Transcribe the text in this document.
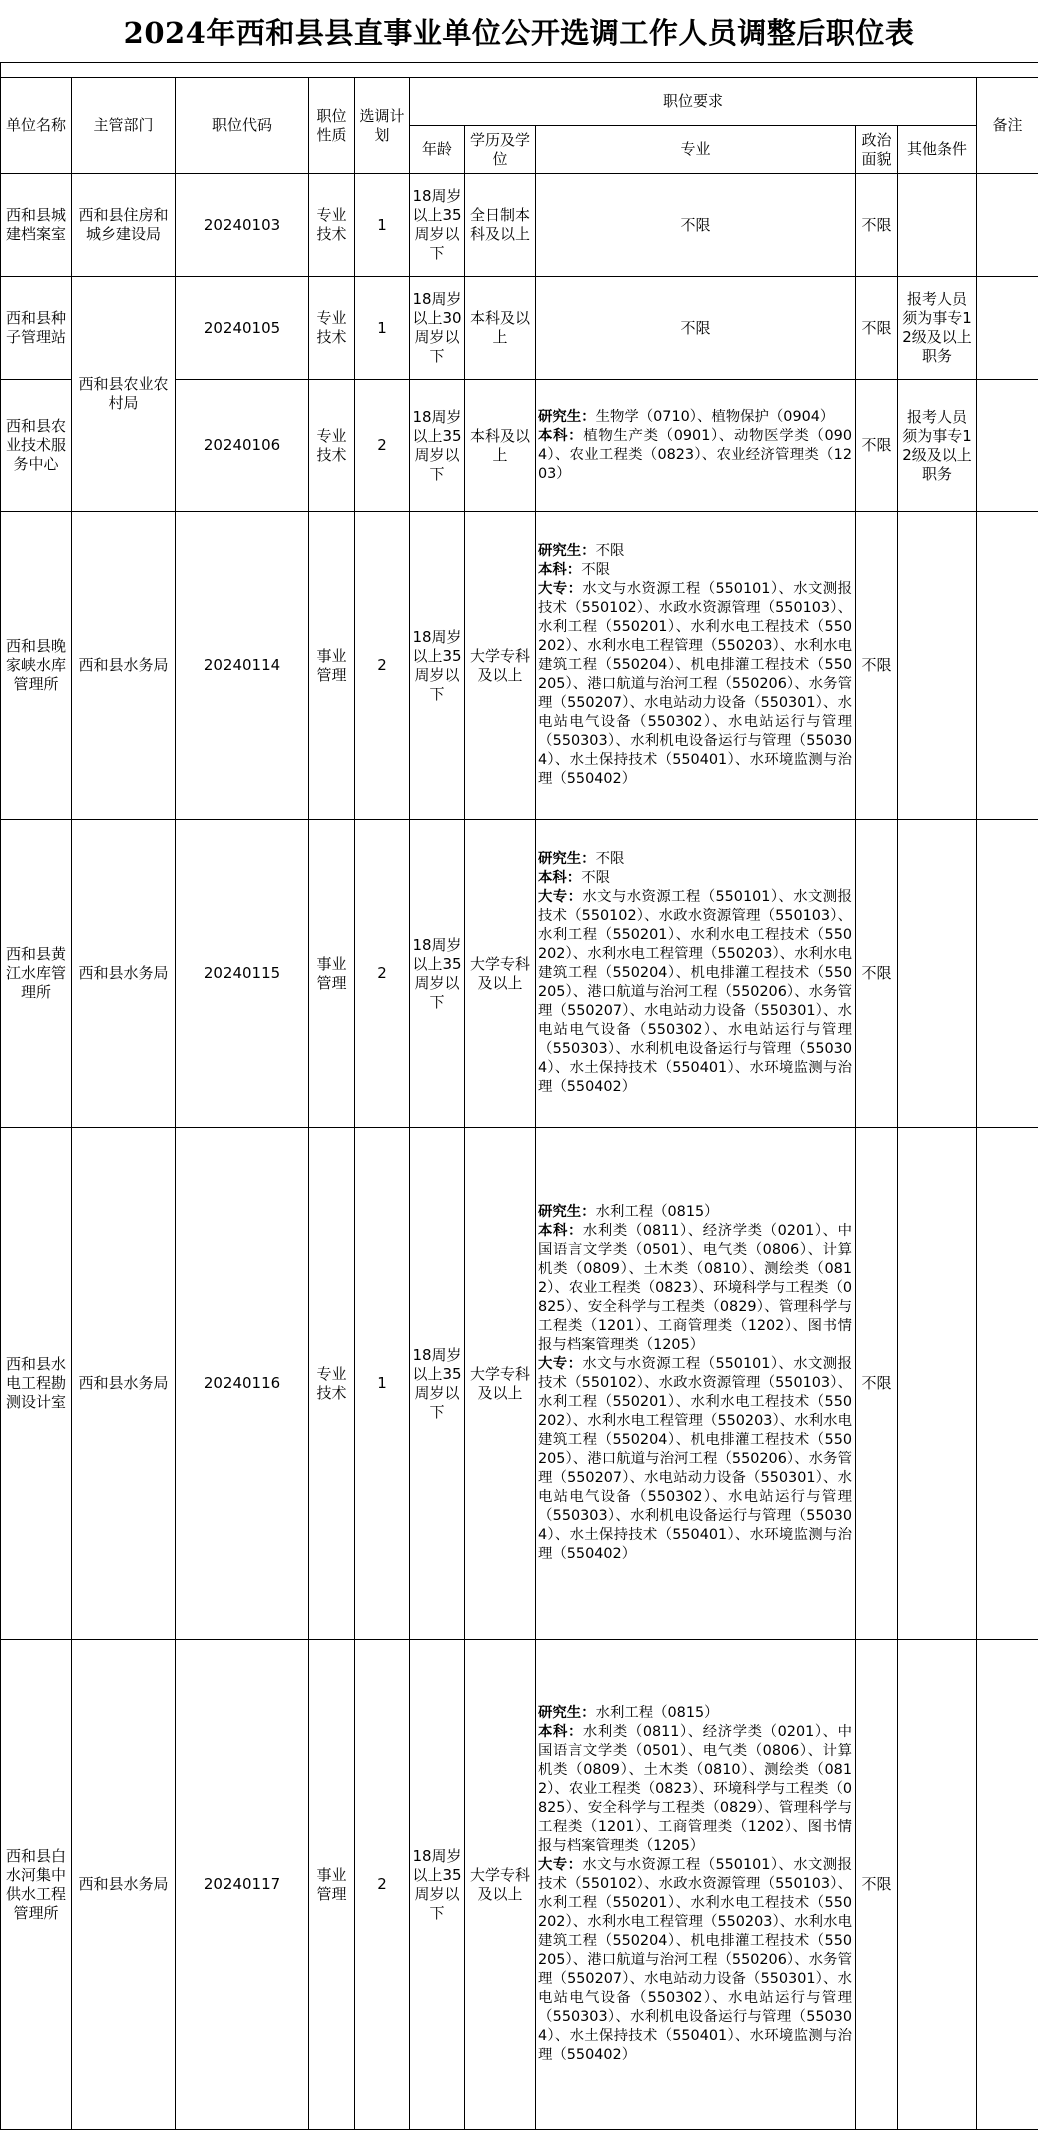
2024年西和县县直事业单位公开选调工作人员调整后职位表

单位名称	主管部门	职位代码	职位性质	选调计划	职位要求					备注
					年龄	学历及学位	专业	政治面貌	其他条件	
西和县城建档案室	西和县住房和城乡建设局	20240103	专业技术	1	18周岁以上35周岁以下	全日制本科及以上	不限	不限		
西和县种子管理站	西和县农业农村局	20240105	专业技术	1	18周岁以上30周岁以下	本科及以上	不限	不限	报考人员须为事专12级及以上职务	
西和县农业技术服务中心		20240106	专业技术	2	18周岁以上35周岁以下	本科及以上	研究生：生物学（0710）、植物保护（0904）
本科：植物生产类（0901）、动物医学类（0904）、农业工程类（0823）、农业经济管理类（1203）	不限	报考人员须为事专12级及以上职务	
西和县晚家峡水库管理所	西和县水务局	20240114	事业管理	2	18周岁以上35周岁以下	大学专科及以上	研究生：不限
本科：不限
大专：水文与水资源工程（550101）、水文测报技术（550102）、水政水资源管理（550103）、水利工程（550201）、水利水电工程技术（550202）、水利水电工程管理（550203）、水利水电建筑工程（550204）、机电排灌工程技术（550205）、港口航道与治河工程（550206）、水务管理（550207）、水电站动力设备（550301）、水电站电气设备（550302）、水电站运行与管理（550303）、水利机电设备运行与管理（550304）、水土保持技术（550401）、水环境监测与治理（550402）	不限		
西和县黄江水库管理所	西和县水务局	20240115	事业管理	2	18周岁以上35周岁以下	大学专科及以上	研究生：不限
本科：不限
大专：水文与水资源工程（550101）、水文测报技术（550102）、水政水资源管理（550103）、水利工程（550201）、水利水电工程技术（550202）、水利水电工程管理（550203）、水利水电建筑工程（550204）、机电排灌工程技术（550205）、港口航道与治河工程（550206）、水务管理（550207）、水电站动力设备（550301）、水电站电气设备（550302）、水电站运行与管理（550303）、水利机电设备运行与管理（550304）、水土保持技术（550401）、水环境监测与治理（550402）	不限		
西和县水电工程勘测设计室	西和县水务局	20240116	专业技术	1	18周岁以上35周岁以下	大学专科及以上	研究生：水利工程（0815）
本科：水利类（0811）、经济学类（0201）、中国语言文学类（0501）、电气类（0806）、计算机类（0809）、土木类（0810）、测绘类（0812）、农业工程类（0823）、环境科学与工程类（0825）、安全科学与工程类（0829）、管理科学与工程类（1201）、工商管理类（1202）、图书情报与档案管理类（1205）
大专：水文与水资源工程（550101）、水文测报技术（550102）、水政水资源管理（550103）、水利工程（550201）、水利水电工程技术（550202）、水利水电工程管理（550203）、水利水电建筑工程（550204）、机电排灌工程技术（550205）、港口航道与治河工程（550206）、水务管理（550207）、水电站动力设备（550301）、水电站电气设备（550302）、水电站运行与管理（550303）、水利机电设备运行与管理（550304）、水土保持技术（550401）、水环境监测与治理（550402）	不限		
西和县白水河集中供水工程管理所	西和县水务局	20240117	事业管理	2	18周岁以上35周岁以下	大学专科及以上	研究生：水利工程（0815）
本科：水利类（0811）、经济学类（0201）、中国语言文学类（0501）、电气类（0806）、计算机类（0809）、土木类（0810）、测绘类（0812）、农业工程类（0823）、环境科学与工程类（0825）、安全科学与工程类（0829）、管理科学与工程类（1201）、工商管理类（1202）、图书情报与档案管理类（1205）
大专：水文与水资源工程（550101）、水文测报技术（550102）、水政水资源管理（550103）、水利工程（550201）、水利水电工程技术（550202）、水利水电工程管理（550203）、水利水电建筑工程（550204）、机电排灌工程技术（550205）、港口航道与治河工程（550206）、水务管理（550207）、水电站动力设备（550301）、水电站电气设备（550302）、水电站运行与管理（550303）、水利机电设备运行与管理（550304）、水土保持技术（550401）、水环境监测与治理（550402）	不限		
